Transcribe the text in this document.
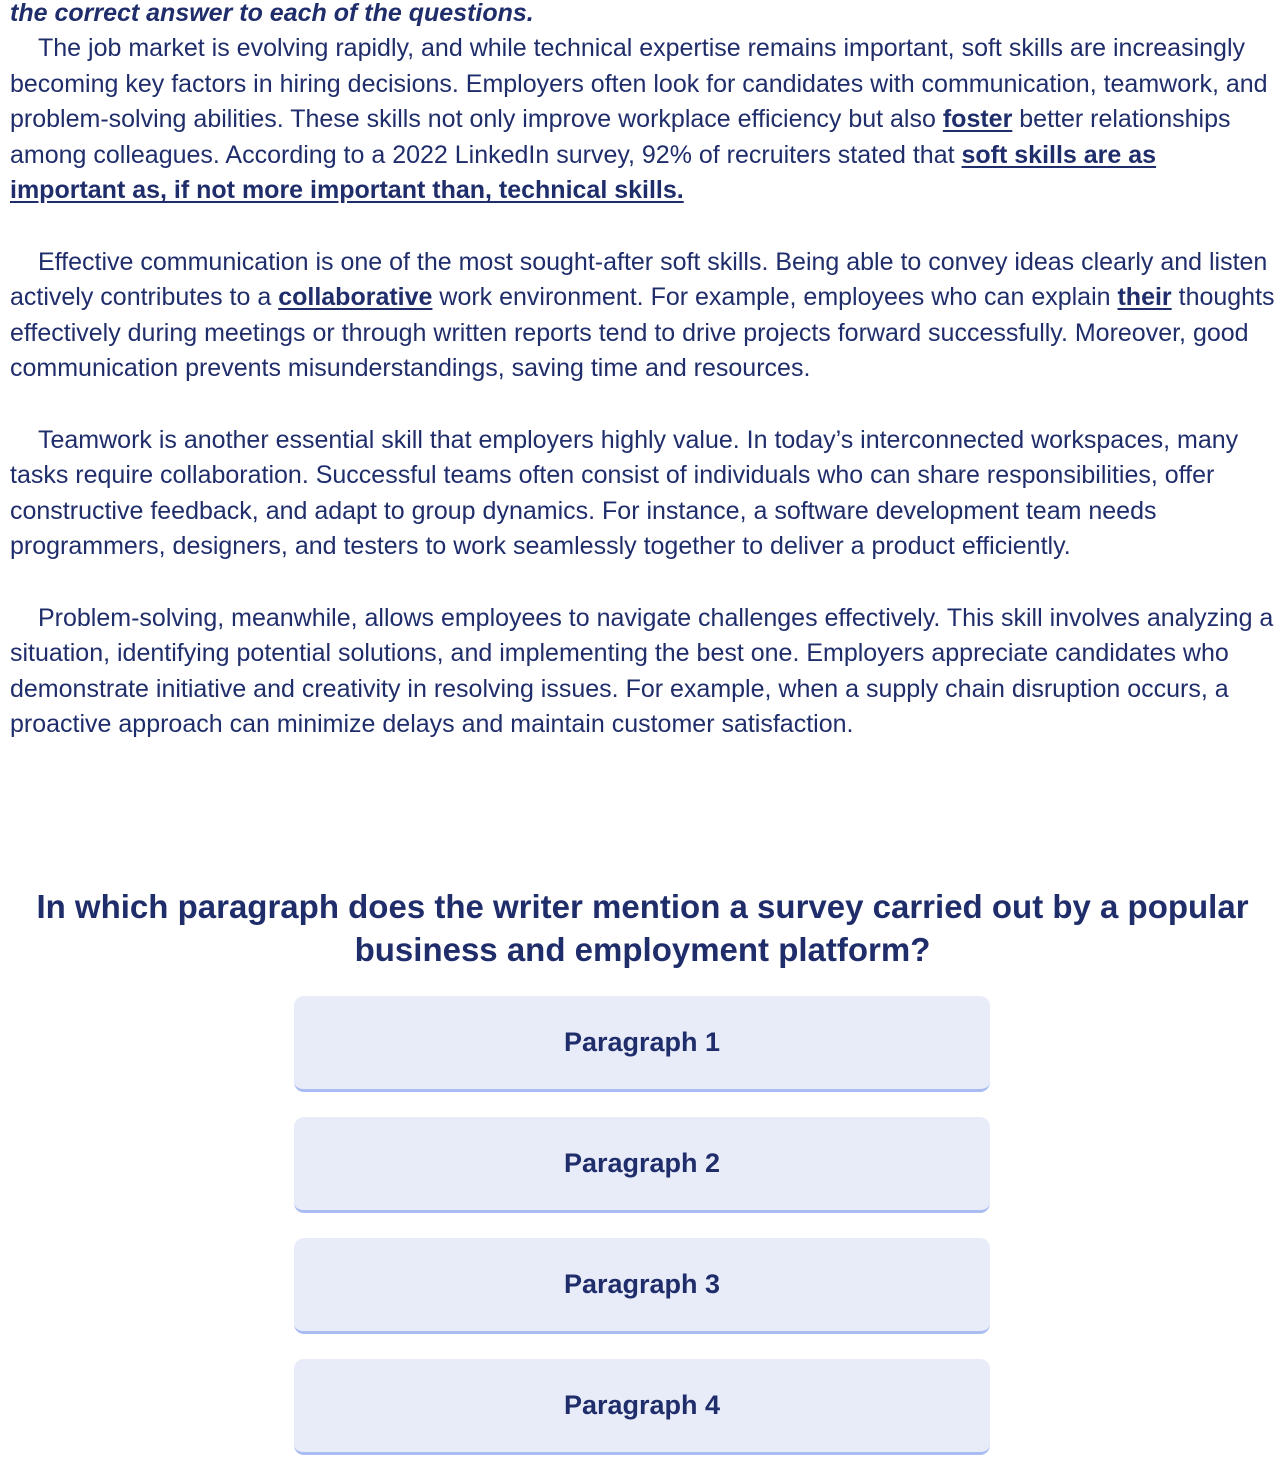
the correct answer to each of the questions.

The job market is evolving rapidly, and while technical expertise remains important, soft skills are increasingly becoming key factors in hiring decisions. Employers often look for candidates with communication, teamwork, and problem-solving abilities. These skills not only improve workplace efficiency but also foster better relationships among colleagues. According to a 2022 LinkedIn survey, 92% of recruiters stated that soft skills are as important as, if not more important than, technical skills.

Effective communication is one of the most sought-after soft skills. Being able to convey ideas clearly and listen actively contributes to a collaborative work environment. For example, employees who can explain their thoughts effectively during meetings or through written reports tend to drive projects forward successfully. Moreover, good communication prevents misunderstandings, saving time and resources.

Teamwork is another essential skill that employers highly value. In today’s interconnected workspaces, many tasks require collaboration. Successful teams often consist of individuals who can share responsibilities, offer constructive feedback, and adapt to group dynamics. For instance, a software development team needs programmers, designers, and testers to work seamlessly together to deliver a product efficiently.

Problem-solving, meanwhile, allows employees to navigate challenges effectively. This skill involves analyzing a situation, identifying potential solutions, and implementing the best one. Employers appreciate candidates who demonstrate initiative and creativity in resolving issues. For example, when a supply chain disruption occurs, a proactive approach can minimize delays and maintain customer satisfaction.

In which paragraph does the writer mention a survey carried out by a popular business and employment platform?
Paragraph 1
Paragraph 2
Paragraph 3
Paragraph 4
